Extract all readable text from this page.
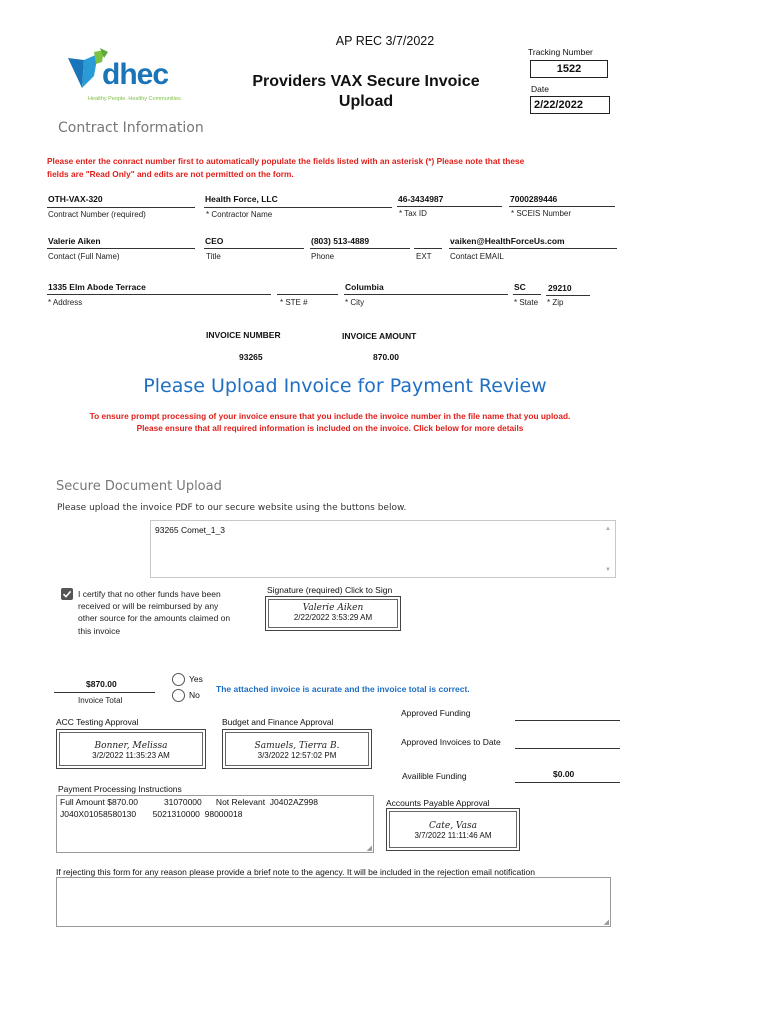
AP REC 3/7/2022
dhec
Healthy People. Healthy Communities.
Providers VAX Secure Invoice
Upload
Tracking Number
1522
Date
2/22/2022
Contract Information
Please enter the conract number first to automatically populate the fields listed with an asterisk (*) Please note that these
fields are "Read Only" and edits are not permitted on the form.
OTH-VAX-320
Contract Number (required)
Health Force, LLC
* Contractor Name
46-3434987
* Tax ID
7000289446
* SCEIS Number
Valerie Aiken
Contact (Full Name)
CEO
Title
(803) 513-4889
Phone	EXT
vaiken@HealthForceUs.com
Contact EMAIL
1335 Elm Abode Terrace
* Address	* STE #
Columbia
* City
SC
* State
29210
* Zip
INVOICE NUMBER
93265
INVOICE AMOUNT
870.00
Please Upload Invoice for Payment Review
To ensure prompt processing of your invoice ensure that you include the invoice number in the file name that you upload.
Please ensure that all required information is included on the invoice. Click below for more details
Secure Document Upload
Please upload the invoice PDF to our secure website using the buttons below.
93265 Comet_1_3	▲
▼
I certify that no other funds have been
received or will be reimbursed by any
other source for the amounts claimed on
this invoice
Signature (required) Click to Sign
Valerie Aiken
2/22/2022 3:53:29 AM
$870.00
Invoice Total
Yes
No
The attached invoice is acurate and the invoice total is correct.
ACC Testing Approval
Bonner, Melissa
3/2/2022 11:35:23 AM
Budget and Finance Approval
Samuels, Tierra B.
3/3/2022 12:57:02 PM
Approved Funding
Approved Invoices to Date
Availible Funding	$0.00
Payment Processing Instructions
Full Amount $870.00           31070000      Not Relevant  J0402AZ998
J040X01058580130       5021310000  98000018
◢
Accounts Payable Approval
Cate, Vasa
3/7/2022 11:11:46 AM
If rejecting this form for any reason please provide a brief note to the agency. It will be included in the rejection email notification
◢
